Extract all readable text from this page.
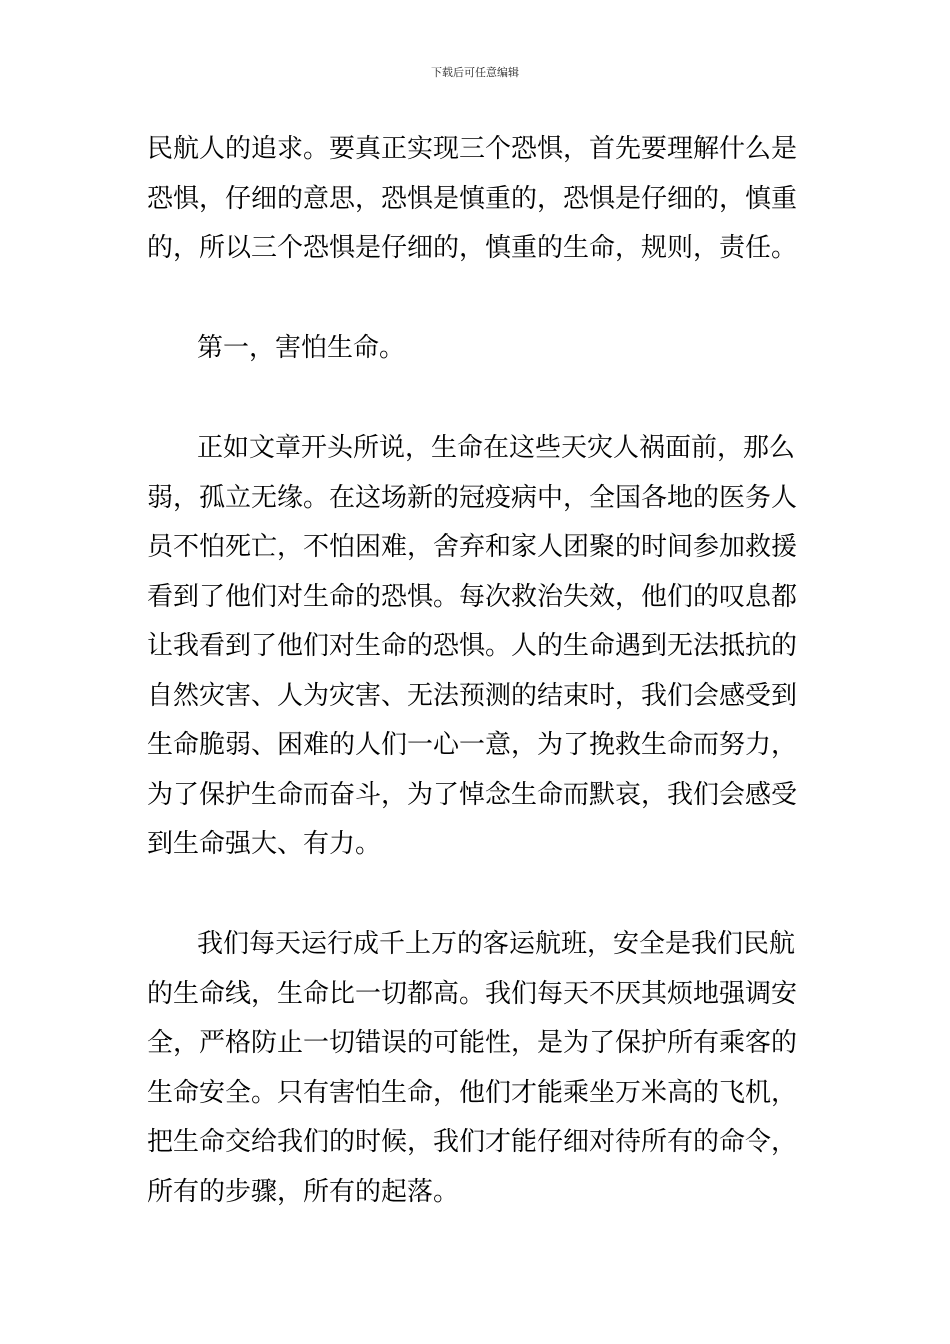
下载后可任意编辑

民航人的追求。要真正实现三个恐惧，首先要理解什么是
恐惧，仔细的意思，恐惧是慎重的，恐惧是仔细的，慎重
的，所以三个恐惧是仔细的，慎重的生命，规则，责任。

第一，害怕生命。

正如文章开头所说，生命在这些天灾人祸面前，那么
弱，孤立无缘。在这场新的冠疫病中，全国各地的医务人
员不怕死亡，不怕困难，舍弃和家人团聚的时间参加救援
看到了他们对生命的恐惧。每次救治失效，他们的叹息都
让我看到了他们对生命的恐惧。人的生命遇到无法抵抗的
自然灾害、人为灾害、无法预测的结束时，我们会感受到
生命脆弱、困难的人们一心一意，为了挽救生命而努力，
为了保护生命而奋斗，为了悼念生命而默哀，我们会感受
到生命强大、有力。

我们每天运行成千上万的客运航班，安全是我们民航
的生命线，生命比一切都高。我们每天不厌其烦地强调安
全，严格防止一切错误的可能性，是为了保护所有乘客的
生命安全。只有害怕生命，他们才能乘坐万米高的飞机，
把生命交给我们的时候，我们才能仔细对待所有的命令，
所有的步骤，所有的起落。
